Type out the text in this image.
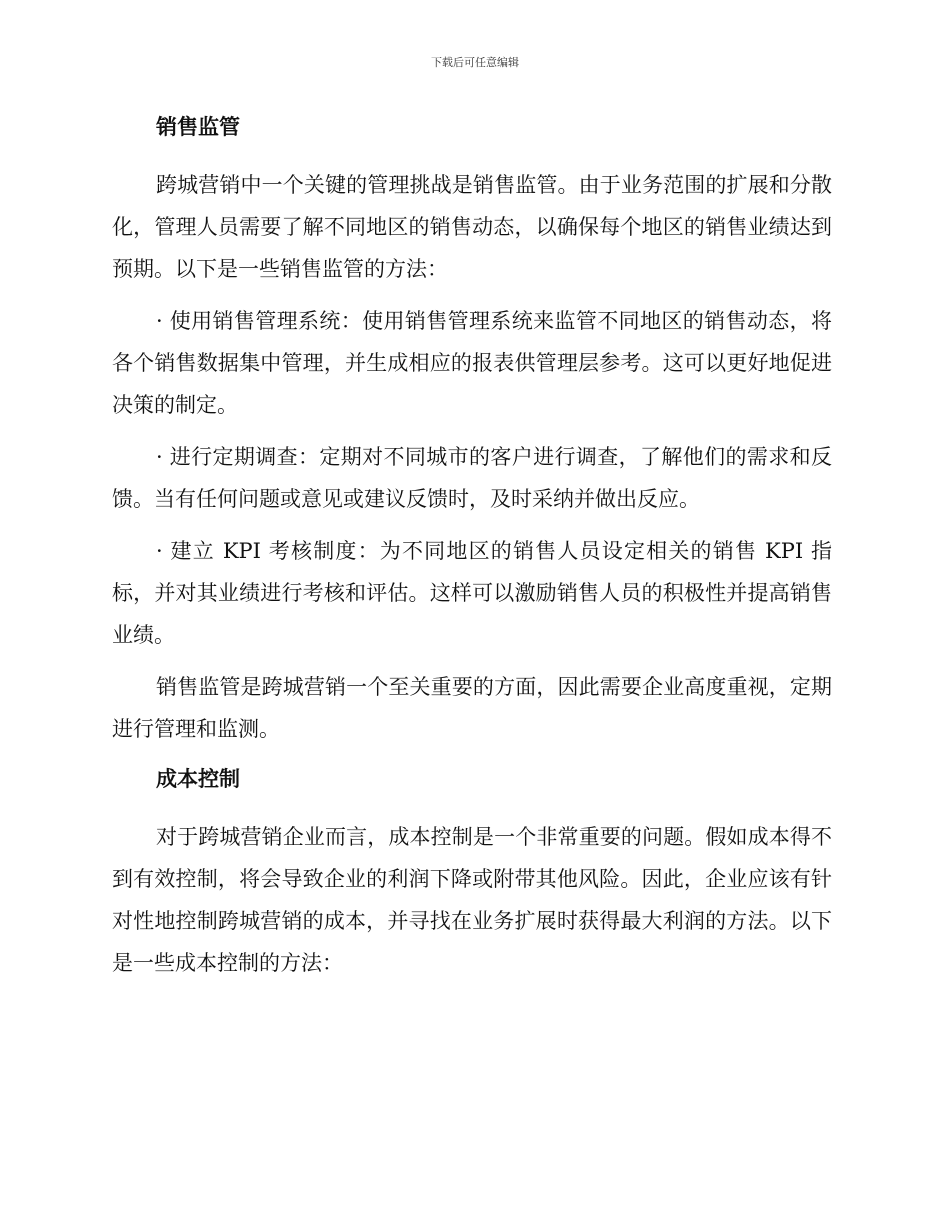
下载后可任意编辑
销售监管

跨城营销中一个关键的管理挑战是销售监管。由于业务范围的扩展和分散化，管理人员需要了解不同地区的销售动态，以确保每个地区的销售业绩达到预期。以下是一些销售监管的方法：

· 使用销售管理系统：使用销售管理系统来监管不同地区的销售动态，将各个销售数据集中管理，并生成相应的报表供管理层参考。这可以更好地促进决策的制定。

· 进行定期调查：定期对不同城市的客户进行调查，了解他们的需求和反馈。当有任何问题或意见或建议反馈时，及时采纳并做出反应。

· 建立 KPI 考核制度：为不同地区的销售人员设定相关的销售 KPI 指标，并对其业绩进行考核和评估。这样可以激励销售人员的积极性并提高销售业绩。

销售监管是跨城营销一个至关重要的方面，因此需要企业高度重视，定期进行管理和监测。

成本控制

对于跨城营销企业而言，成本控制是一个非常重要的问题。假如成本得不到有效控制，将会导致企业的利润下降或附带其他风险。因此，企业应该有针对性地控制跨城营销的成本，并寻找在业务扩展时获得最大利润的方法。以下是一些成本控制的方法：
